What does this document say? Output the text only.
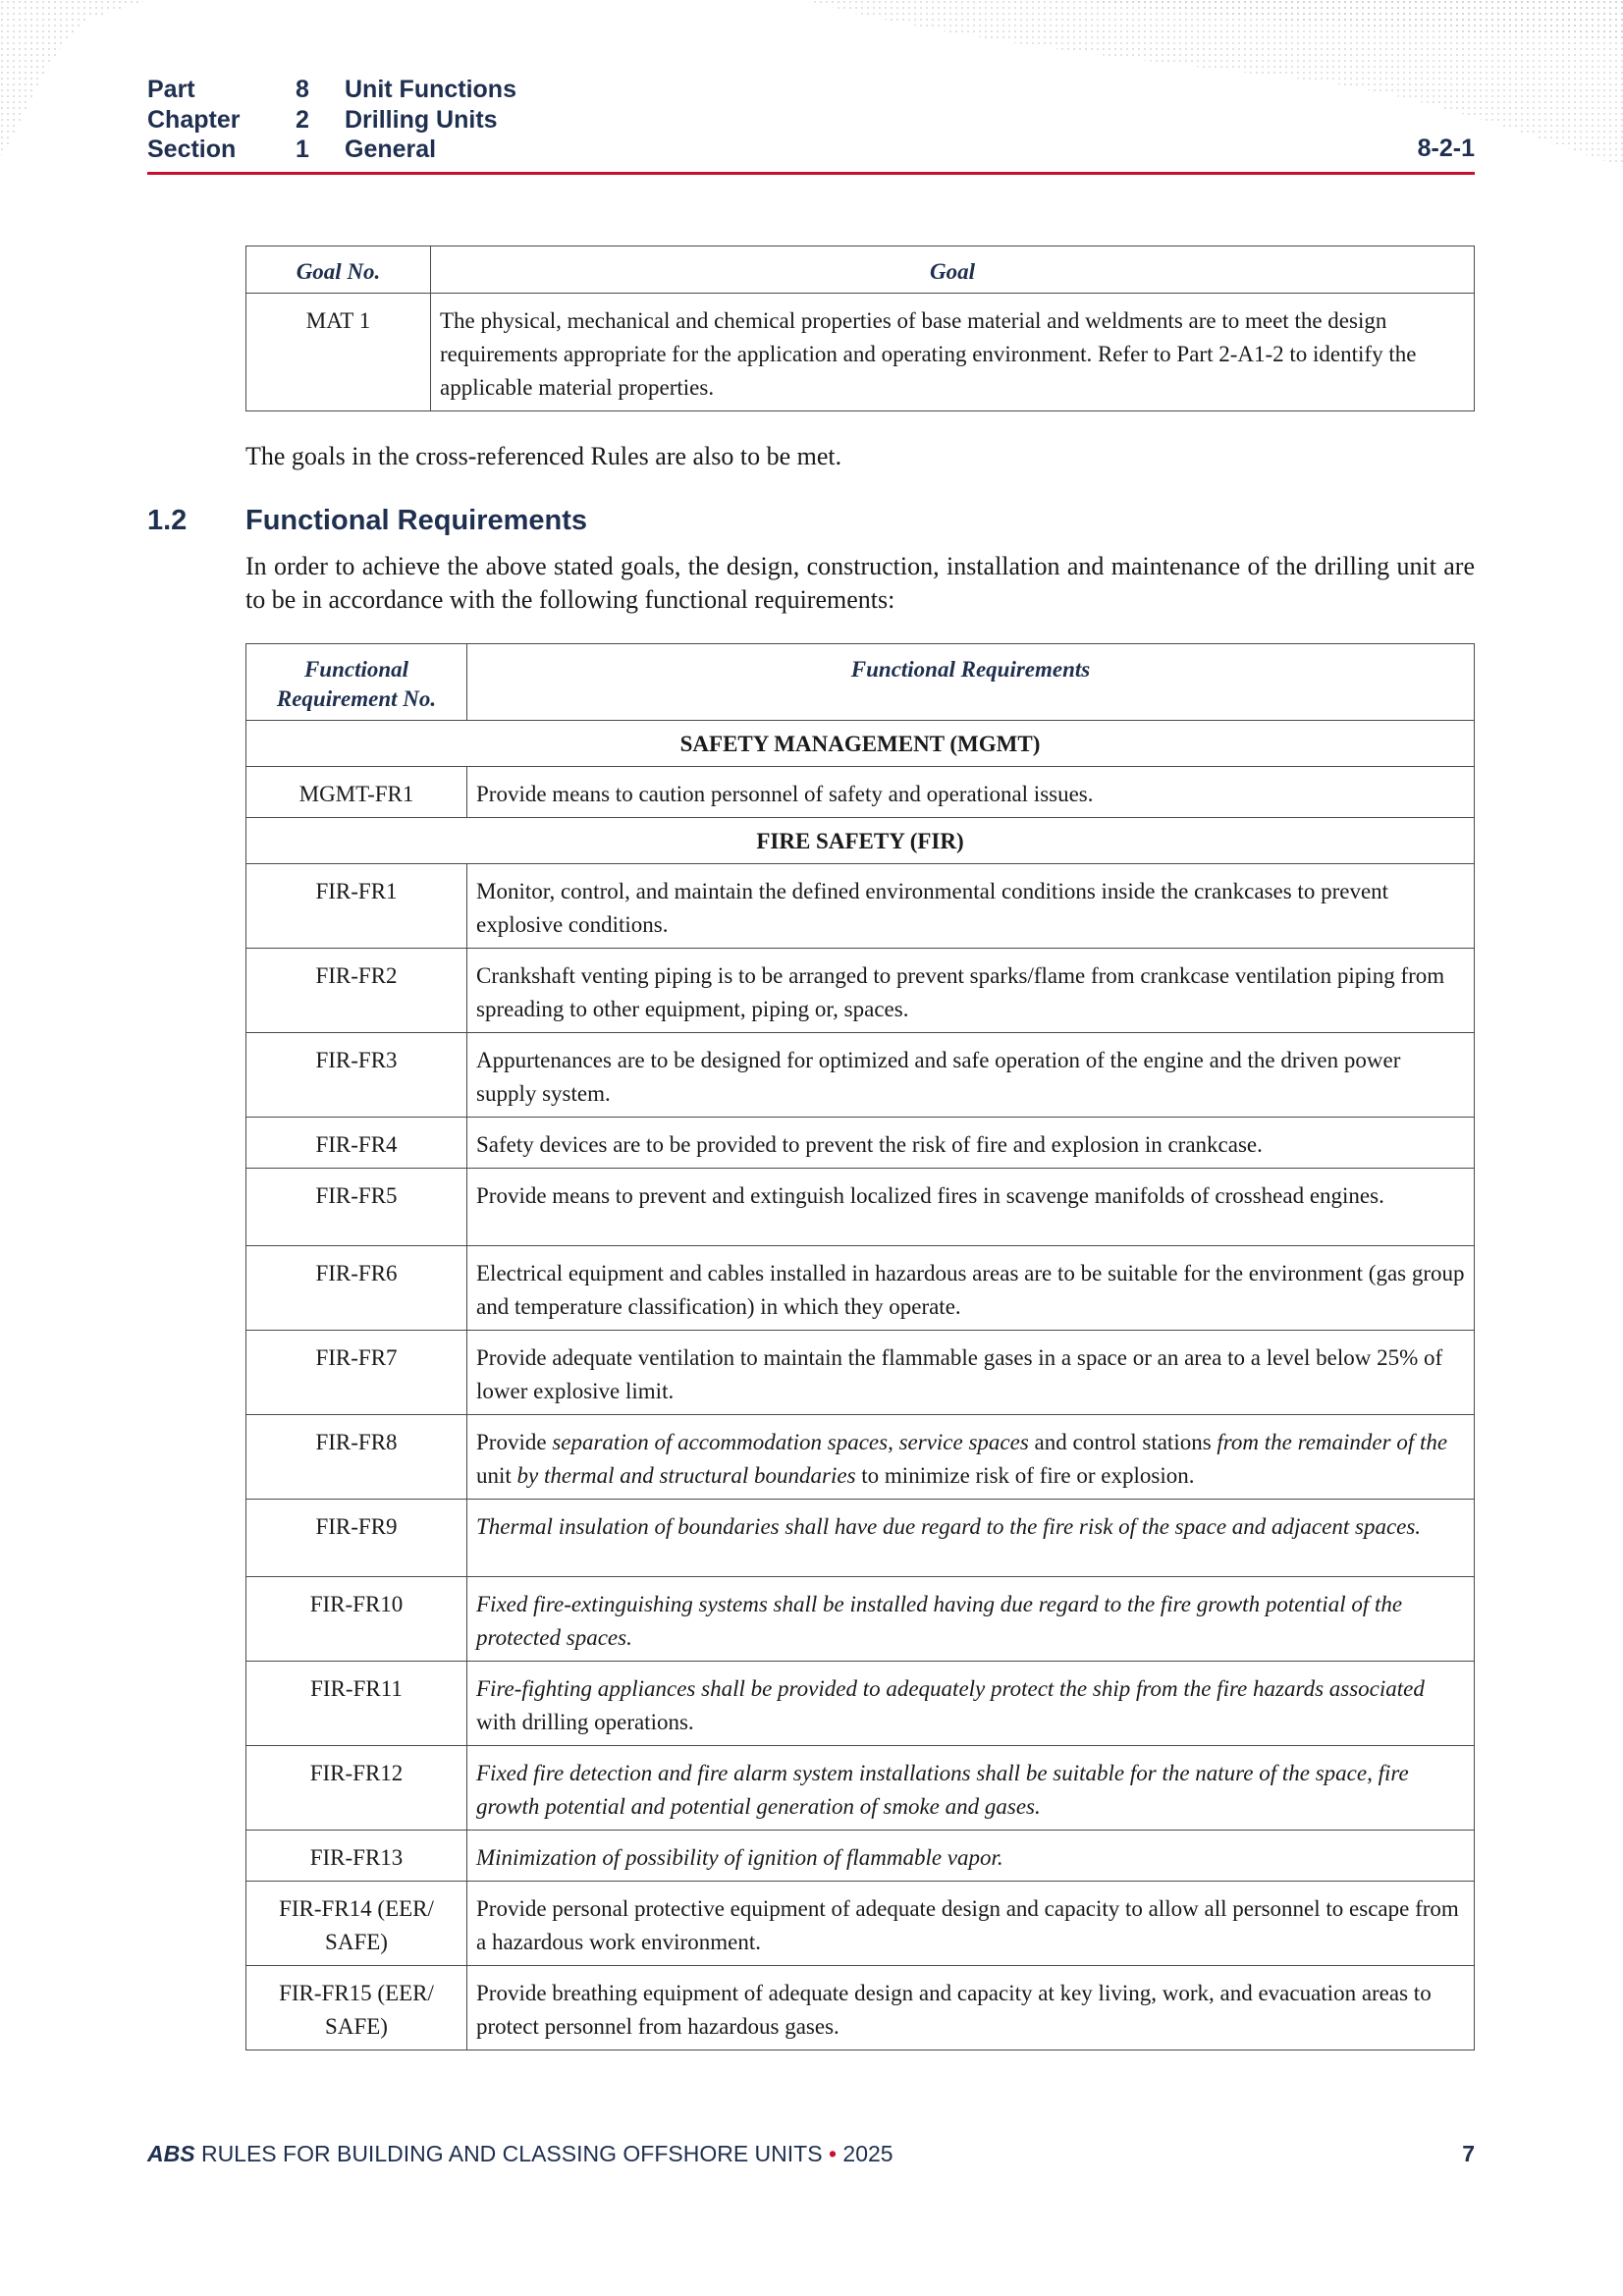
Part	8	Unit Functions
Chapter	2	Drilling Units
Section	1	General	8-2-1
Goal No.	Goal
MAT 1	The physical, mechanical and chemical properties of base material and weldments are to meet the design requirements appropriate for the application and operating environment. Refer to Part 2-A1-2 to identify the applicable material properties.
The goals in the cross-referenced Rules are also to be met.
1.2 Functional Requirements
In order to achieve the above stated goals, the design, construction, installation and maintenance of the drilling unit are to be in accordance with the following functional requirements:
Functional Requirement No.	Functional Requirements
SAFETY MANAGEMENT (MGMT)	
MGMT-FR1	Provide means to caution personnel of safety and operational issues.
FIRE SAFETY (FIR)	
FIR-FR1	Monitor, control, and maintain the defined environmental conditions inside the crankcases to prevent explosive conditions.
FIR-FR2	Crankshaft venting piping is to be arranged to prevent sparks/flame from crankcase ventilation piping from spreading to other equipment, piping or, spaces.
FIR-FR3	Appurtenances are to be designed for optimized and safe operation of the engine and the driven power supply system.
FIR-FR4	Safety devices are to be provided to prevent the risk of fire and explosion in crankcase.
FIR-FR5	Provide means to prevent and extinguish localized fires in scavenge manifolds of crosshead engines.
FIR-FR6	Electrical equipment and cables installed in hazardous areas are to be suitable for the environment (gas group and temperature classification) in which they operate.
FIR-FR7	Provide adequate ventilation to maintain the flammable gases in a space or an area to a level below 25% of lower explosive limit.
FIR-FR8	Provide separation of accommodation spaces, service spaces and control stations from the remainder of the unit by thermal and structural boundaries to minimize risk of fire or explosion.
FIR-FR9	Thermal insulation of boundaries shall have due regard to the fire risk of the space and adjacent spaces.
FIR-FR10	Fixed fire-extinguishing systems shall be installed having due regard to the fire growth potential of the protected spaces.
FIR-FR11	Fire-fighting appliances shall be provided to adequately protect the ship from the fire hazards associated with drilling operations.
FIR-FR12	Fixed fire detection and fire alarm system installations shall be suitable for the nature of the space, fire growth potential and potential generation of smoke and gases.
FIR-FR13	Minimization of possibility of ignition of flammable vapor.
FIR-FR14 (EER/ SAFE)	Provide personal protective equipment of adequate design and capacity to allow all personnel to escape from a hazardous work environment.
FIR-FR15 (EER/ SAFE)	Provide breathing equipment of adequate design and capacity at key living, work, and evacuation areas to protect personnel from hazardous gases.
ABS RULES FOR BUILDING AND CLASSING OFFSHORE UNITS • 2025	7
